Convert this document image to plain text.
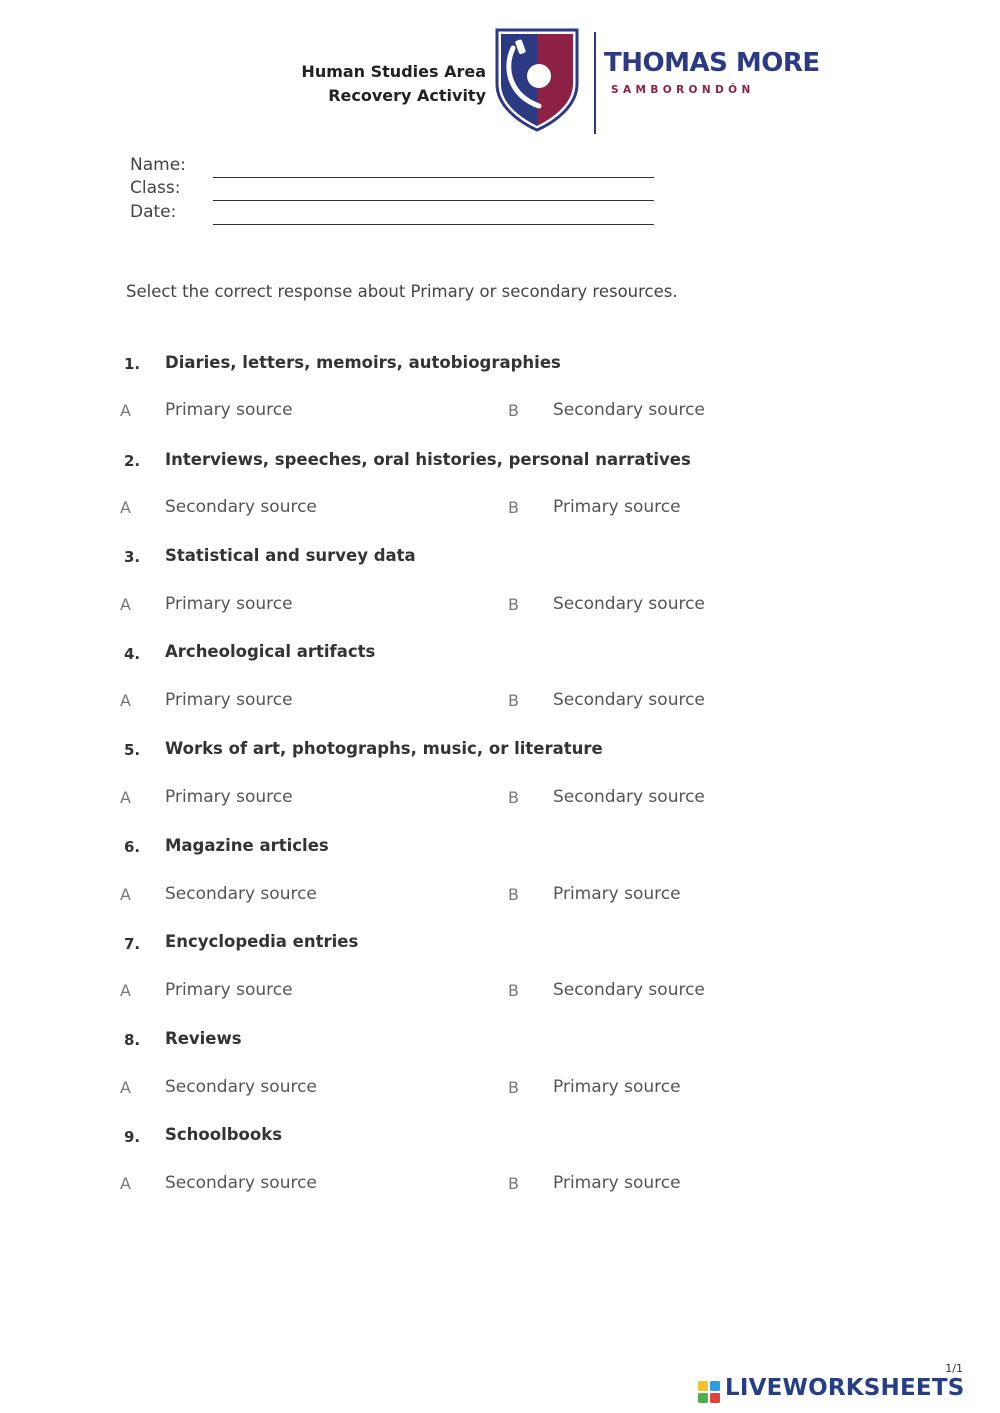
Human Studies Area
Recovery Activity
THOMAS MORE
SAMBORONDÓN
Name:
Class:
Date:
Select the correct response about Primary or secondary resources.
1. Diaries, letters, memoirs, autobiographies
A Primary source	B Secondary source
2. Interviews, speeches, oral histories, personal narratives
A Secondary source	B Primary source
3. Statistical and survey data
A Primary source	B Secondary source
4. Archeological artifacts
A Primary source	B Secondary source
5. Works of art, photographs, music, or literature
A Primary source	B Secondary source
6. Magazine articles
A Secondary source	B Primary source
7. Encyclopedia entries
A Primary source	B Secondary source
8. Reviews
A Secondary source	B Primary source
9. Schoolbooks
A Secondary source	B Primary source
1/1
LIVEWORKSHEETS
